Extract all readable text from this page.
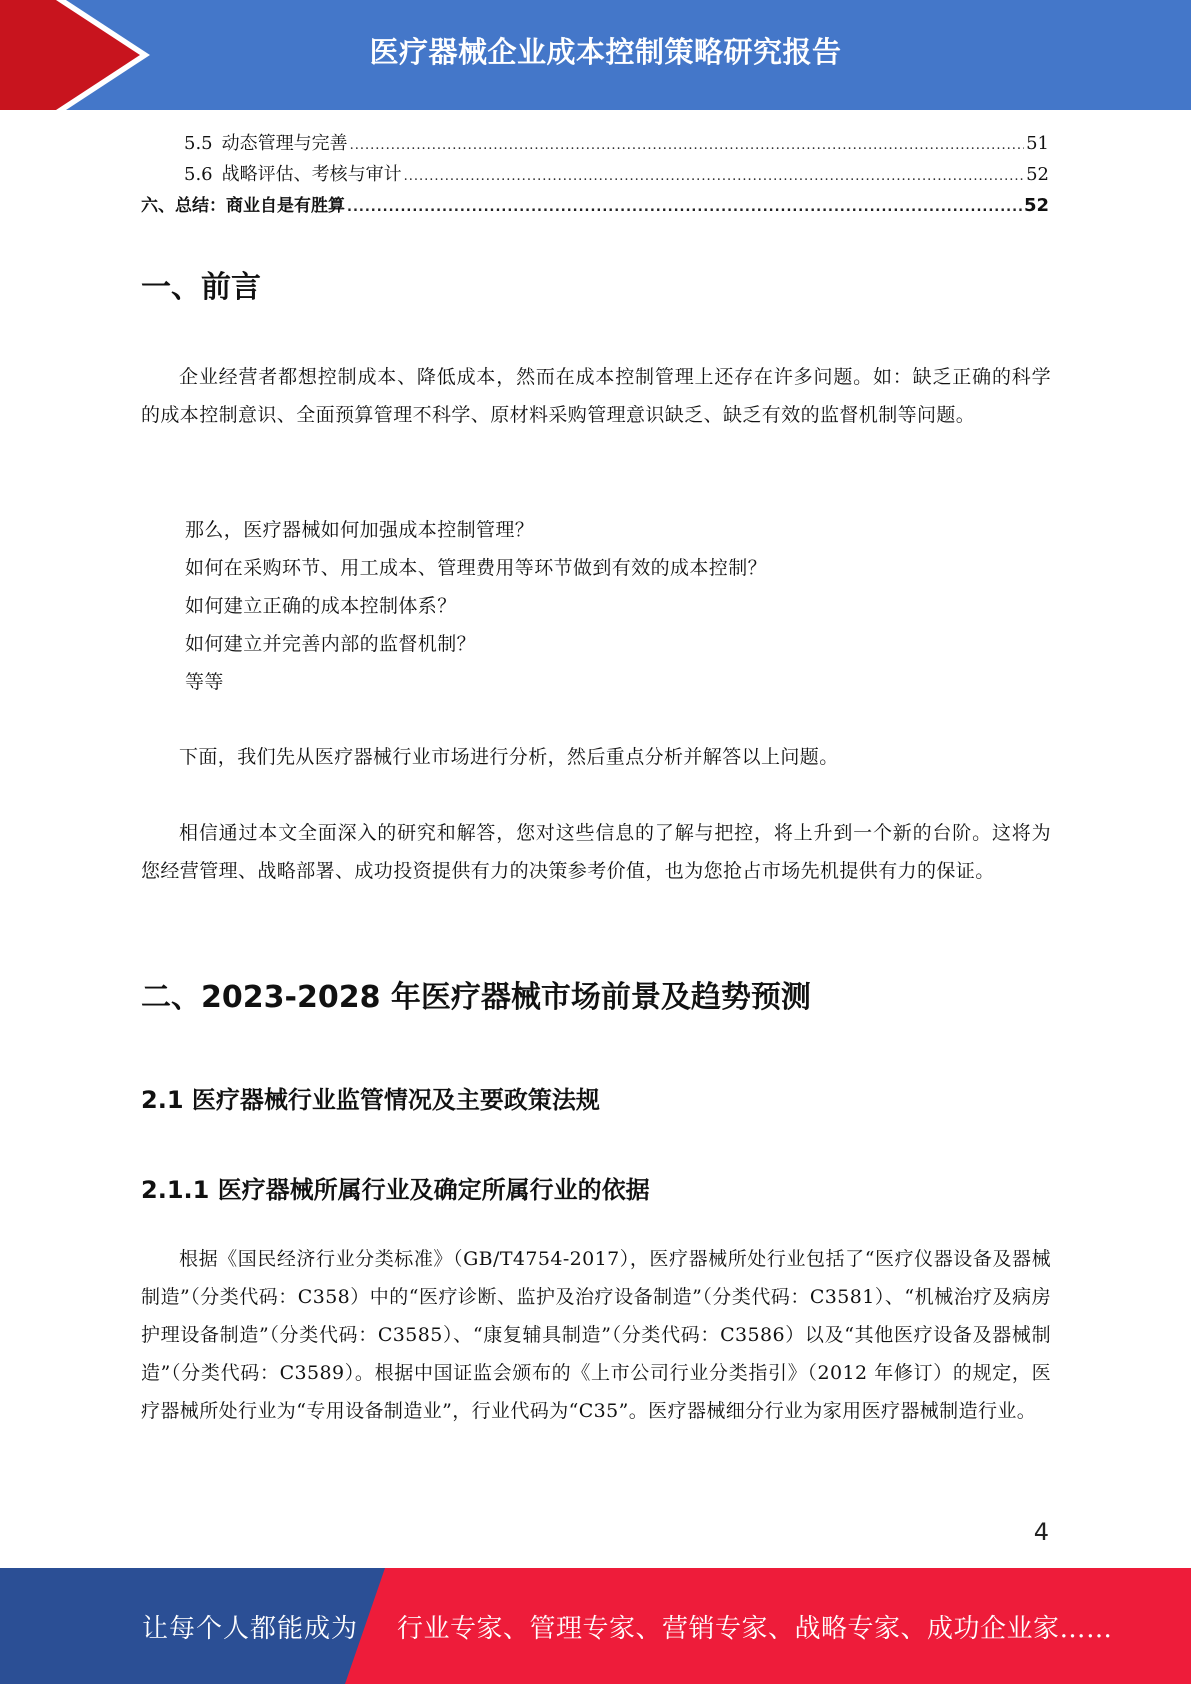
医疗器械企业成本控制策略研究报告
5.5 动态管理与完善 .....	51
5.6 战略评估、考核与审计 .....	52
六、总结：商业自是有胜算 .....	52
一、前言
企业经营者都想控制成本、降低成本，然而在成本控制管理上还存在许多问题。如：缺乏正确的科学的成本控制意识、全面预算管理不科学、原材料采购管理意识缺乏、缺乏有效的监督机制等问题。
那么，医疗器械如何加强成本控制管理？
如何在采购环节、用工成本、管理费用等环节做到有效的成本控制？
如何建立正确的成本控制体系？
如何建立并完善内部的监督机制？
等等
下面，我们先从医疗器械行业市场进行分析，然后重点分析并解答以上问题。
相信通过本文全面深入的研究和解答，您对这些信息的了解与把控，将上升到一个新的台阶。这将为您经营管理、战略部署、成功投资提供有力的决策参考价值，也为您抢占市场先机提供有力的保证。
二、2023-2028 年医疗器械市场前景及趋势预测
2.1 医疗器械行业监管情况及主要政策法规
2.1.1 医疗器械所属行业及确定所属行业的依据
根据《国民经济行业分类标准》（GB/T4754-2017），医疗器械所处行业包括了“医疗仪器设备及器械制造”（分类代码：C358）中的“医疗诊断、监护及治疗设备制造”（分类代码：C3581）、“机械治疗及病房护理设备制造”（分类代码：C3585）、“康复辅具制造”（分类代码：C3586）以及“其他医疗设备及器械制造”（分类代码：C3589）。根据中国证监会颁布的《上市公司行业分类指引》（2012 年修订）的规定，医疗器械所处行业为“专用设备制造业”，行业代码为“C35”。医疗器械细分行业为家用医疗器械制造行业。
4
让每个人都能成为 行业专家、管理专家、营销专家、战略专家、成功企业家……
